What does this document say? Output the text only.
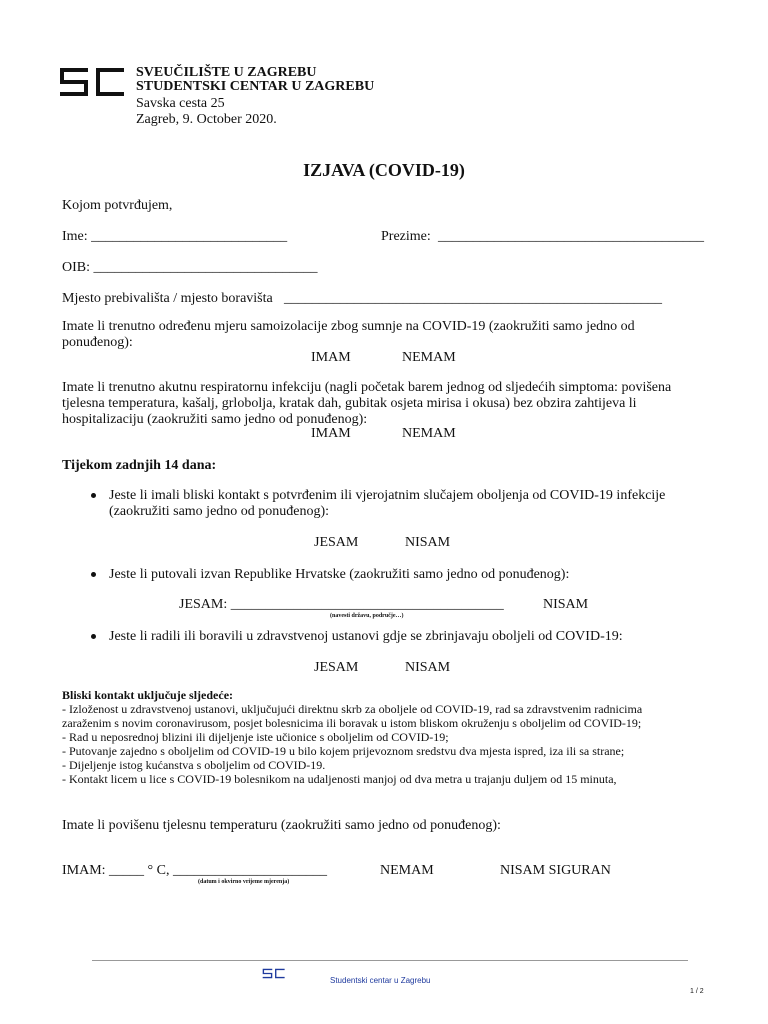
SVEUČILIŠTE U ZAGREBU
STUDENTSKI CENTAR U ZAGREBU
Savska cesta 25
Zagreb, 9. October 2020.
IZJAVA (COVID-19)
Kojom potvrđujem,
Ime: ____________________________	Prezime: ______________________________________
OIB: ________________________________
Mjesto prebivališta / mjesto boravišta ______________________________________________________
Imate li trenutno određenu mjeru samoizolacije zbog sumnje na COVID-19 (zaokružiti samo jedno od
ponuđenog):
IMAM	NEMAM
Imate li trenutno akutnu respiratornu infekciju (nagli početak barem jednog od sljedećih simptoma: povišena
tjelesna temperatura, kašalj, grlobolja, kratak dah, gubitak osjeta mirisa i okusa) bez obzira zahtijeva li
hospitalizaciju (zaokružiti samo jedno od ponuđenog):
IMAM	NEMAM
Tijekom zadnjih 14 dana:
Jeste li imali bliski kontakt s potvrđenim ili vjerojatnim slučajem oboljenja od COVID-19 infekcije
(zaokružiti samo jedno od ponuđenog):
JESAM	NISAM
Jeste li putovali izvan Republike Hrvatske (zaokružiti samo jedno od ponuđenog):
JESAM: _______________________________________
(navesti državu, područje…)
NISAM
Jeste li radili ili boravili u zdravstvenoj ustanovi gdje se zbrinjavaju oboljeli od COVID-19:
JESAM	NISAM
Bliski kontakt uključuje sljedeće:
- Izloženost u zdravstvenoj ustanovi, uključujući direktnu skrb za oboljele od COVID-19, rad sa zdravstvenim radnicima
zaraženim s novim coronavirusom, posjet bolesnicima ili boravak u istom bliskom okruženju s oboljelim od COVID-19;
- Rad u neposrednoj blizini ili dijeljenje iste učionice s oboljelim od COVID-19;
- Putovanje zajedno s oboljelim od COVID-19 u bilo kojem prijevoznom sredstvu dva mjesta ispred, iza ili sa strane;
- Dijeljenje istog kućanstva s oboljelim od COVID-19.
- Kontakt licem u lice s COVID-19 bolesnikom na udaljenosti manjoj od dva metra u trajanju duljem od 15 minuta,
Imate li povišenu tjelesnu temperaturu (zaokružiti samo jedno od ponuđenog):
IMAM: _____ ° C, ______________________
(datum i okvirno vrijeme mjerenja)
NEMAM	NISAM SIGURAN
Studentski centar u Zagrebu
1 / 2
